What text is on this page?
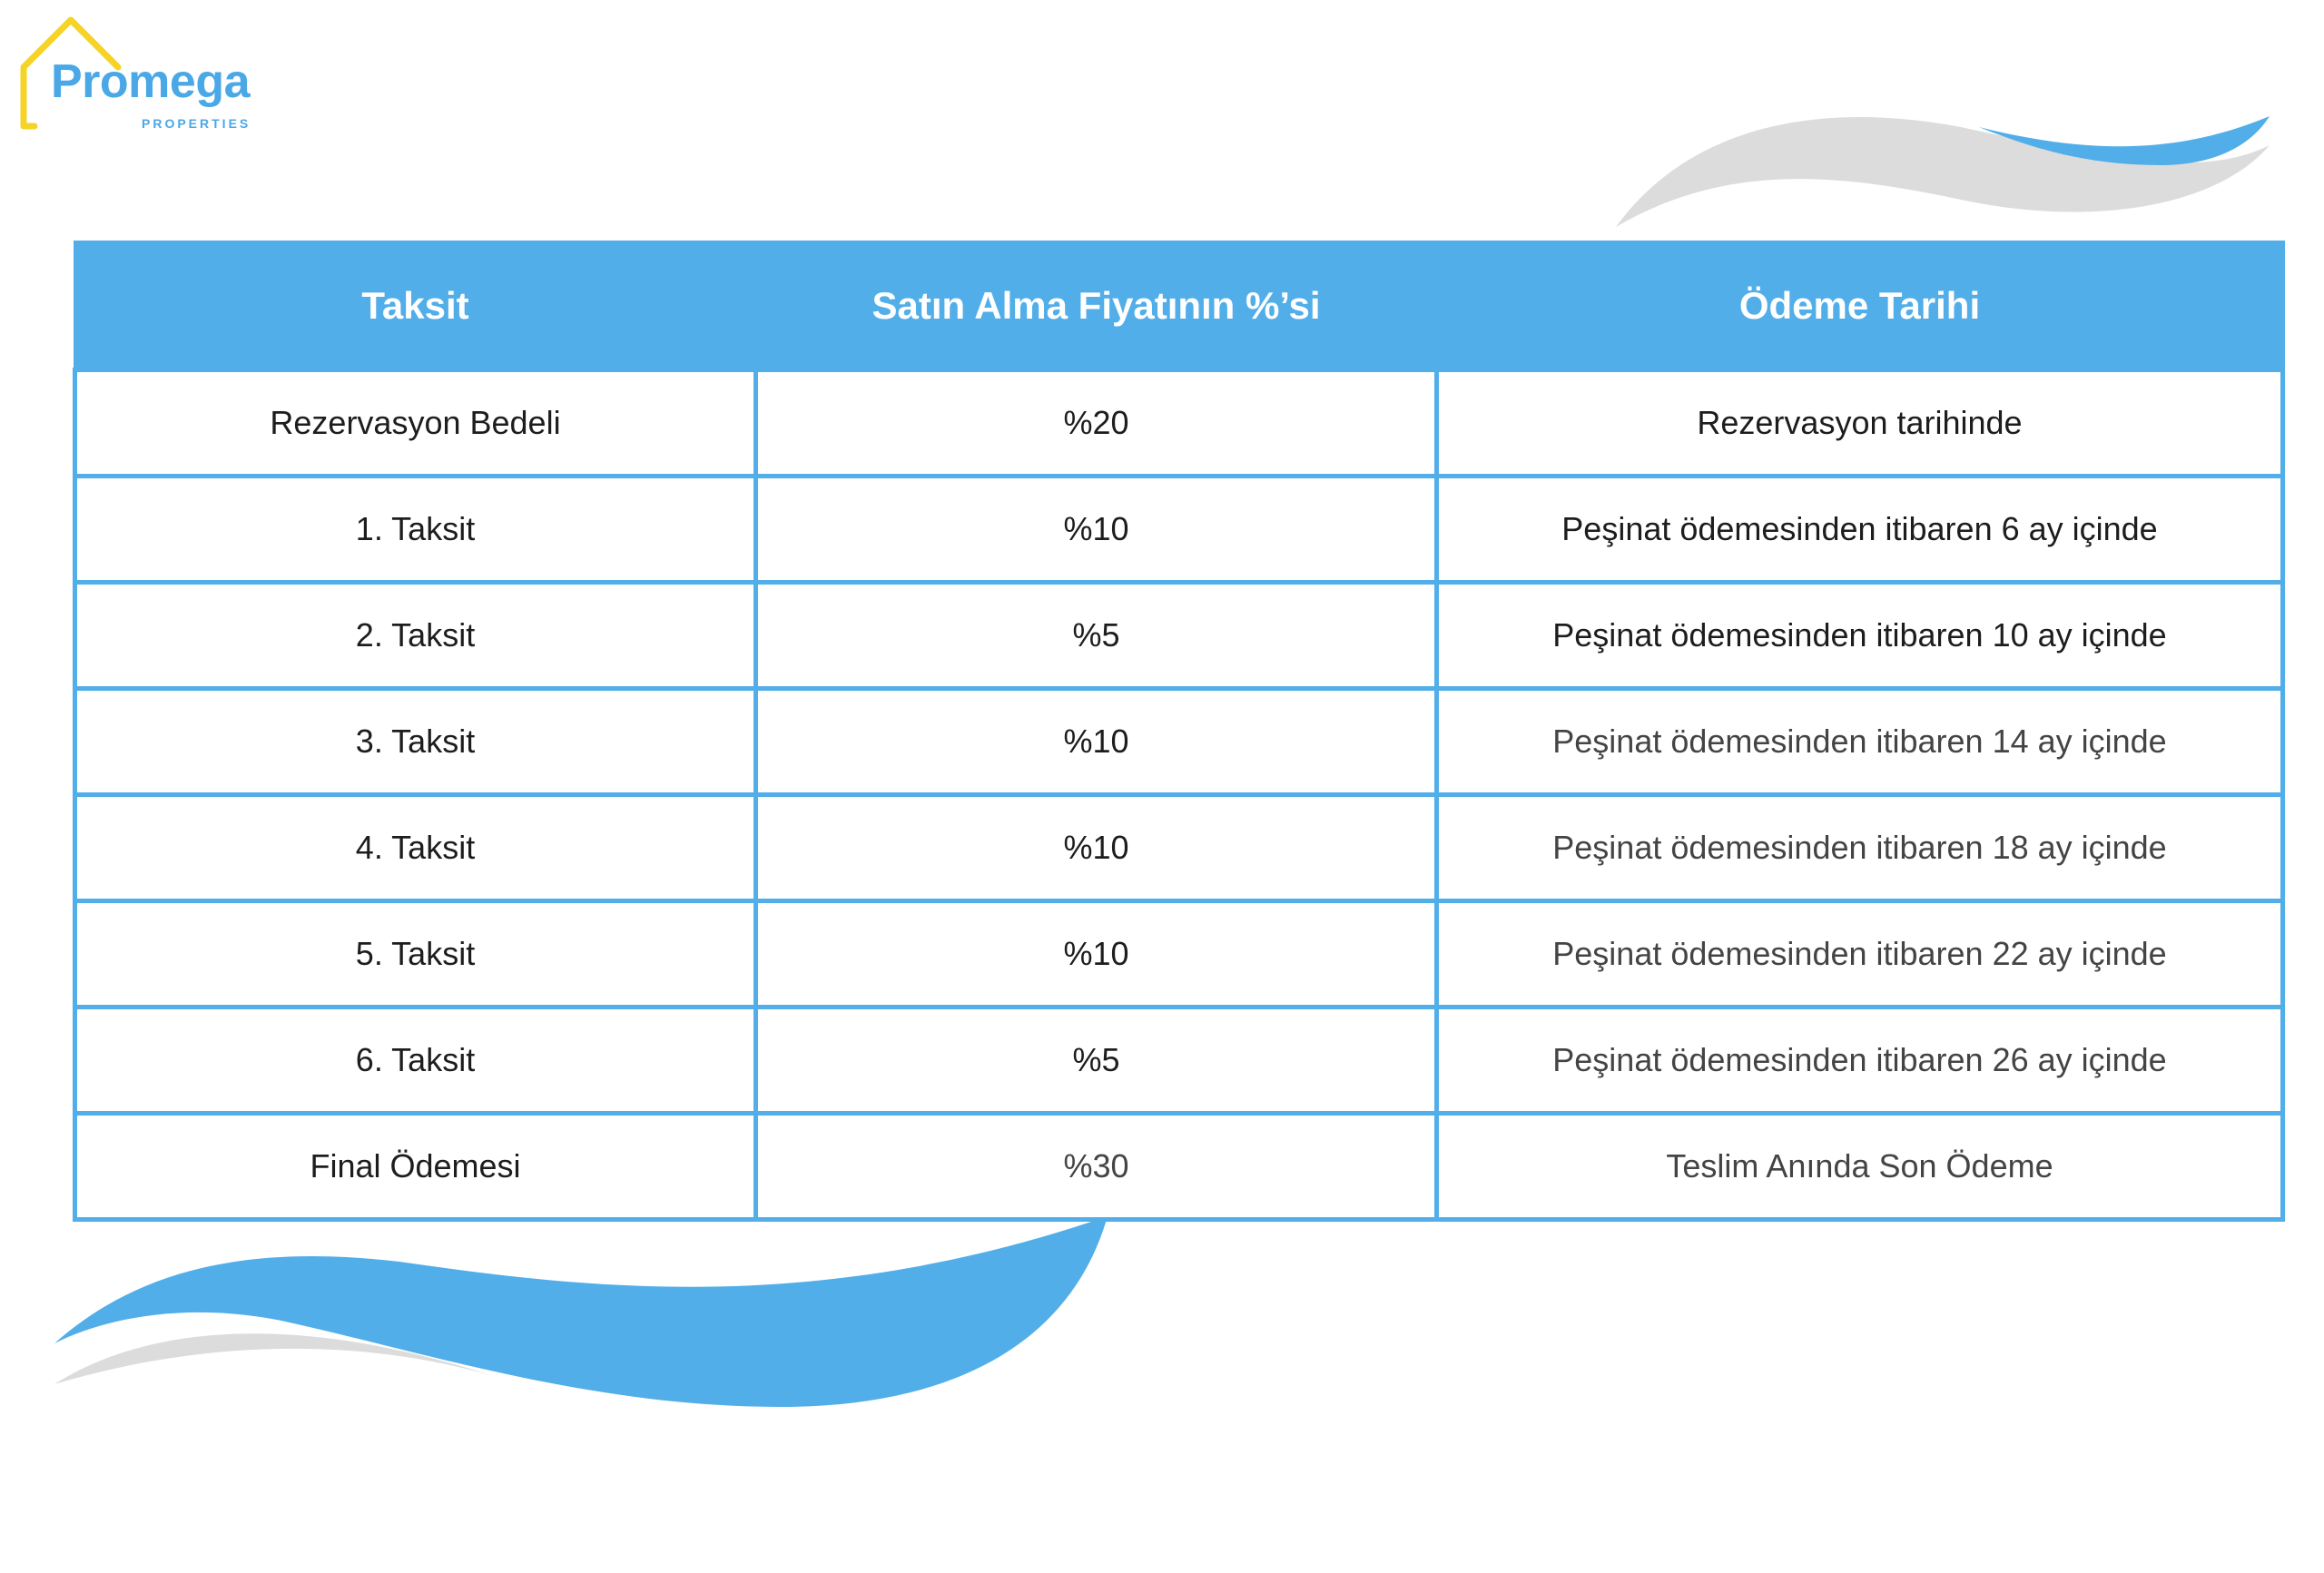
Promega
PROPERTIES
Taksit	Satın Alma Fiyatının %’si	Ödeme Tarihi
Rezervasyon Bedeli	%20	Rezervasyon tarihinde
1. Taksit	%10	Peşinat ödemesinden itibaren 6 ay içinde
2. Taksit	%5	Peşinat ödemesinden itibaren 10 ay içinde
3. Taksit	%10	Peşinat ödemesinden itibaren 14 ay içinde
4. Taksit	%10	Peşinat ödemesinden itibaren 18 ay içinde
5. Taksit	%10	Peşinat ödemesinden itibaren 22 ay içinde
6. Taksit	%5	Peşinat ödemesinden itibaren 26 ay içinde
Final Ödemesi	%30	Teslim Anında Son Ödeme
